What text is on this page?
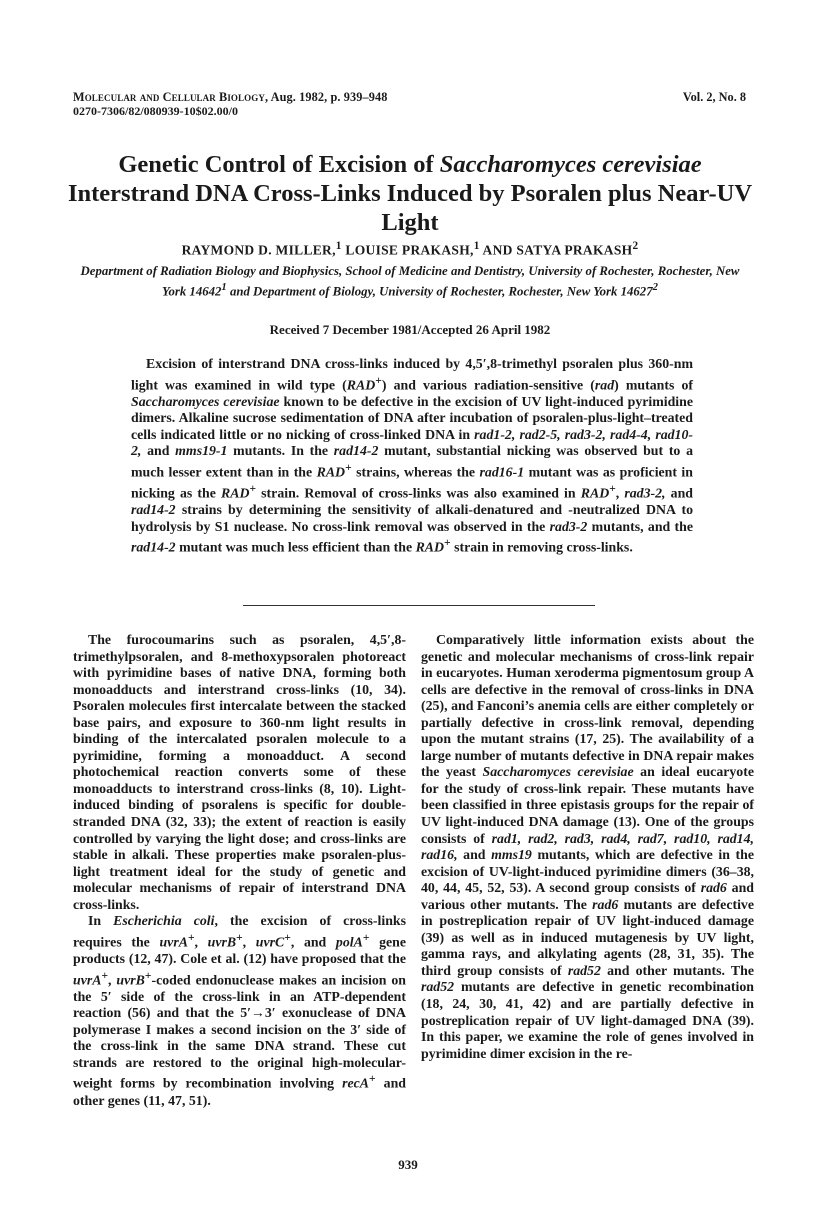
Molecular and Cellular Biology, Aug. 1982, p. 939–948
0270-7306/82/080939-10$02.00/0
Vol. 2, No. 8
Genetic Control of Excision of Saccharomyces cerevisiae Interstrand DNA Cross-Links Induced by Psoralen plus Near-UV Light
RAYMOND D. MILLER,$^1$ LOUISE PRAKASH,$^1$ AND SATYA PRAKASH$^2$
Department of Radiation Biology and Biophysics, School of Medicine and Dentistry, University of Rochester, Rochester, New York 14642$^1$ and Department of Biology, University of Rochester, Rochester, New York 14627$^2$
Received 7 December 1981/Accepted 26 April 1982

Excision of interstrand DNA cross-links induced by 4,5′,8-trimethyl psoralen plus 360-nm light was examined in wild type (RAD+) and various radiation-sensitive (rad) mutants of Saccharomyces cerevisiae known to be defective in the excision of UV light-induced pyrimidine dimers. Alkaline sucrose sedimentation of DNA after incubation of psoralen-plus-light–treated cells indicated little or no nicking of cross-linked DNA in rad1-2, rad2-5, rad3-2, rad4-4, rad10-2, and mms19-1 mutants. In the rad14-2 mutant, substantial nicking was observed but to a much lesser extent than in the RAD+ strains, whereas the rad16-1 mutant was as proficient in nicking as the RAD+ strain. Removal of cross-links was also examined in RAD+, rad3-2, and rad14-2 strains by determining the sensitivity of alkali-denatured and -neutralized DNA to hydrolysis by S1 nuclease. No cross-link removal was observed in the rad3-2 mutants, and the rad14-2 mutant was much less efficient than the RAD+ strain in removing cross-links.

The furocoumarins such as psoralen, 4,5′,8-trimethylpsoralen, and 8-methoxypsoralen photoreact with pyrimidine bases of native DNA, forming both monoadducts and interstrand cross-links (10, 34). Psoralen molecules first intercalate between the stacked base pairs, and exposure to 360-nm light results in binding of the intercalated psoralen molecule to a pyrimidine, forming a monoadduct. A second photochemical reaction converts some of these monoadducts to interstrand cross-links (8, 10). Light-induced binding of psoralens is specific for double-stranded DNA (32, 33); the extent of reaction is easily controlled by varying the light dose; and cross-links are stable in alkali. These properties make psoralen-plus-light treatment ideal for the study of genetic and molecular mechanisms of repair of interstrand DNA cross-links.

In Escherichia coli, the excision of cross-links requires the uvrA+, uvrB+, uvrC+, and polA+ gene products (12, 47). Cole et al. (12) have proposed that the uvrA+, uvrB+-coded endonuclease makes an incision on the 5′ side of the cross-link in an ATP-dependent reaction (56) and that the 5′→3′ exonuclease of DNA polymerase I makes a second incision on the 3′ side of the cross-link in the same DNA strand. These cut strands are restored to the original high-molecular-weight forms by recombination involving recA+ and other genes (11, 47, 51).

Comparatively little information exists about the genetic and molecular mechanisms of cross-link repair in eucaryotes. Human xeroderma pigmentosum group A cells are defective in the removal of cross-links in DNA (25), and Fanconi’s anemia cells are either completely or partially defective in cross-link removal, depending upon the mutant strains (17, 25). The availability of a large number of mutants defective in DNA repair makes the yeast Saccharomyces cerevisiae an ideal eucaryote for the study of cross-link repair. These mutants have been classified in three epistasis groups for the repair of UV light-induced DNA damage (13). One of the groups consists of rad1, rad2, rad3, rad4, rad7, rad10, rad14, rad16, and mms19 mutants, which are defective in the excision of UV-light-induced pyrimidine dimers (36–38, 40, 44, 45, 52, 53). A second group consists of rad6 and various other mutants. The rad6 mutants are defective in postreplication repair of UV light-induced damage (39) as well as in induced mutagenesis by UV light, gamma rays, and alkylating agents (28, 31, 35). The third group consists of rad52 and other mutants. The rad52 mutants are defective in genetic recombination (18, 24, 30, 41, 42) and are partially defective in postreplication repair of UV light-damaged DNA (39). In this paper, we examine the role of genes involved in pyrimidine dimer excision in the re-

939
